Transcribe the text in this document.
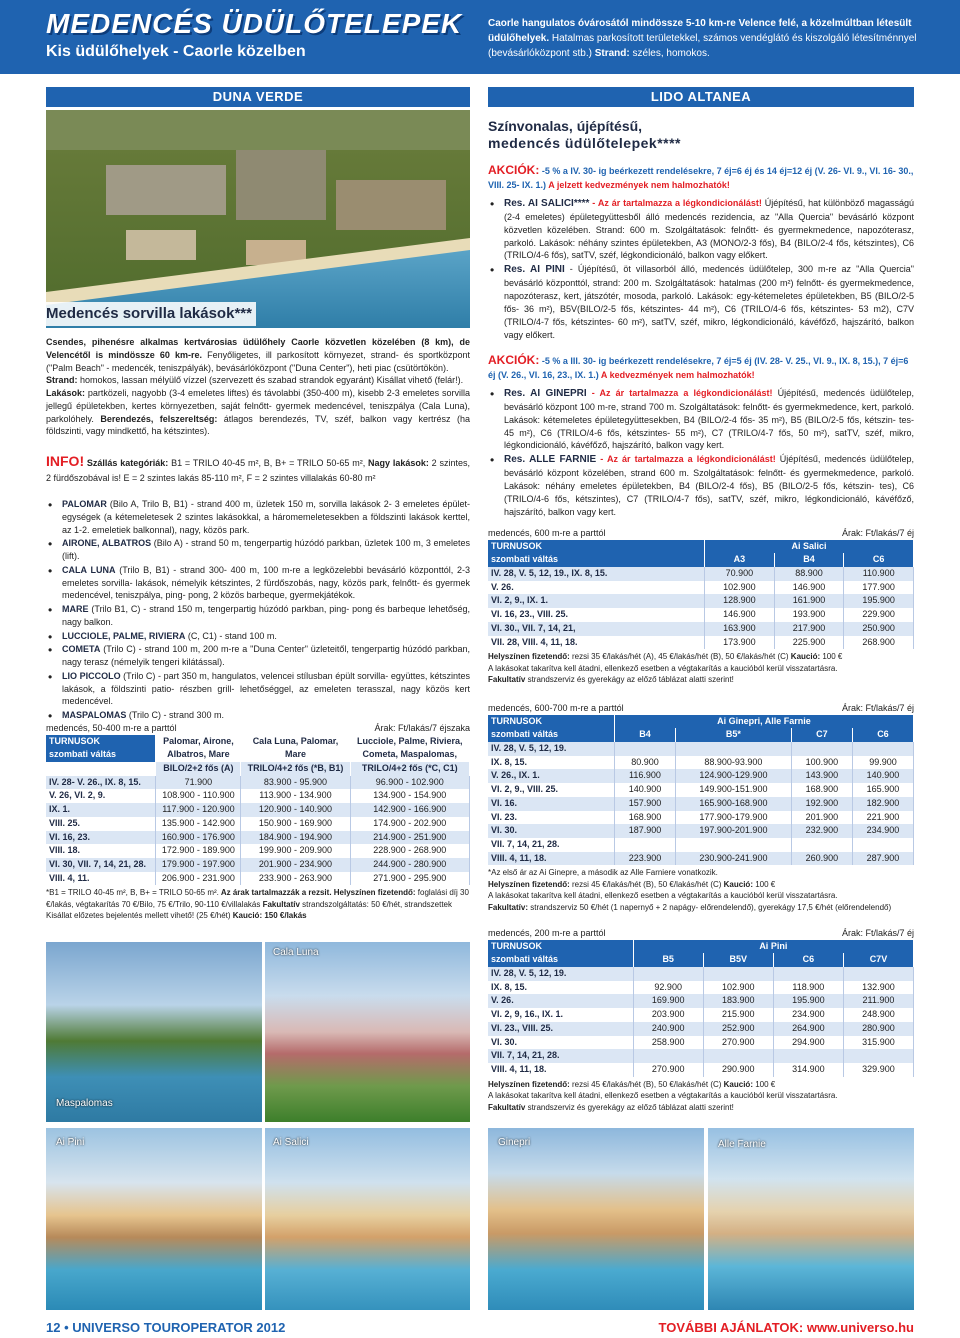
MEDENCÉS ÜDÜLŐTELEPEK
Kis üdülőhelyek - Caorle közelben
Caorle hangulatos óvárosától mindössze 5-10 km-re Velence felé, a közelmúltban létesült üdülőhelyek. Hatalmas parkosított területekkel, számos vendéglátó és kiszolgáló létesítménnyel (bevásárlóközpont stb.) Strand: széles, homokos.
DUNA VERDE
Medencés sorvilla lakások***
Csendes, pihenésre alkalmas kertvárosias üdülőhely Caorle közvetlen közelében (8 km), de Velencétől is mindössze 60 km-re. Fenyőligetes, ill parkosított környezet, strand- és sportközpont ("Palm Beach" - medencék, teniszpályák), bevásárlóközpont ("Duna Center"), heti piac (csütörtökön).
Strand: homokos, lassan mélyülő vízzel (szervezett és szabad strandok egyaránt) Kisállat vihető (felár!).
Lakások: partközeli, nagyobb (3-4 emeletes liftes) és távolabbi (350-400 m), kisebb 2-3 emeletes sorvilla jellegű épületekben, kertes környezetben, saját felnőtt- gyermek medencével, teniszpálya (Cala Luna), parkolóhely. Berendezés, felszereltség: átlagos berendezés, TV, széf, balkon vagy kertrész (ha földszinti, vagy mindkettő, ha kétszintes).
INFO! Szállás kategóriák: B1 = TRILO 40-45 m², B, B+ = TRILO 50-65 m², Nagy lakások: 2 szintes, 2 fürdőszobával is! E = 2 szintes lakás 85-110 m², F = 2 szintes villalakás 60-80 m²
• PALOMAR (Bilo A, Trilo B, B1) - strand 400 m, üzletek 150 m, sorvilla lakások 2- 3 emeletes épület- egységek (a kétemeletesek 2 szintes lakásokkal, a háromemeletesekben a földszinti lakások kerttel, az 1-2. emeletiek balkonnal), nagy, közös park.
• AIRONE, ALBATROS (Bilo A) - strand 50 m, tengerpartig húzódó parkban, üzletek 100 m, 3 emeletes (lift).
• CALA LUNA (Trilo B, B1) - strand 300- 400 m, 100 m-re a legközelebbi bevásárló központtól, 2-3 emeletes sorvilla- lakások, némelyik kétszintes, 2 fürdőszobás, nagy, közös park, felnőtt- és gyermek medencével, teniszpálya, ping- pong, 2 közös barbeque, gyermekjátékok.
• MARE (Trilo B1, C) - strand 150 m, tengerpartig húzódó parkban, ping- pong és barbeque lehetőség, nagy balkon.
• LUCCIOLE, PALME, RIVIERA (C, C1) - stand 100 m.
• COMETA (Trilo C) - strand 100 m, 200 m-re a "Duna Center" üzleteitől, tengerpartig húzódó parkban, nagy terasz (némelyik tengeri kilátással).
• LIO PICCOLO (Trilo C) - part 350 m, hangulatos, velencei stílusban épült sorvilla- együttes, kétszintes lakások, a földszinti patio- részben grill- lehetőséggel, az emeleten terasszal, nagy közös kert medencével.
• MASPALOMAS (Trilo C) - strand 300 m.
medencés, 50-400 m-re a parttól	Árak: Ft/lakás/7 éjszaka
TURNUSOK	Palomar, Airone,	Cala Luna, Palomar,	Lucciole, Palme, Riviera,
szombati váltás	Albatros, Mare	Mare	Cometa, Maspalomas,
	BILO/2+2 fős (A)	TRILO/4+2 fős (*B, B1)	TRILO/4+2 fős (*C, C1)
IV. 28- V. 26., IX. 8, 15.	71.900	83.900 - 95.900	96.900 - 102.900
V. 26, VI. 2, 9.	108.900 - 110.900	113.900 - 134.900	134.900 - 154.900
IX. 1.	117.900 - 120.900	120.900 - 140.900	142.900 - 166.900
VIII. 25.	135.900 - 142.900	150.900 - 169.900	174.900 - 202.900
VI. 16, 23.	160.900 - 176.900	184.900 - 194.900	214.900 - 251.900
VIII. 18.	172.900 - 189.900	199.900 - 209.900	228.900 - 268.900
VI. 30, VII. 7, 14, 21, 28.	179.900 - 197.900	201.900 - 234.900	244.900 - 280.900
VIII. 4, 11.	206.900 - 231.900	233.900 - 263.900	271.900 - 295.900
*B1 = TRILO 40-45 m², B, B+ = TRILO 50-65 m². Az árak tartalmazzák a rezsit. Helyszínen fizetendő: foglalási díj 30 €/lakás, végtakarítás 70 €/Bilo, 75 €/Trilo, 90-110 €/villalakás Fakultatív strandszolgáltatás: 50 €/hét, strandszettek Kisállat előzetes bejelentés mellett vihető! (25 €/hét) Kaució: 150 €/lakás
Maspalomas
Cala Luna
Ai Pini	Ai Salici
LIDO ALTANEA
Színvonalas, újépítésű,
medencés üdülőtelepek****
AKCIÓK: -5 % a IV. 30- ig beérkezett rendelésekre, 7 éj=6 éj és 14 éj=12 éj (V. 26- VI. 9., VI. 16- 30., VIII. 25- IX. 1.) A jelzett kedvezmények nem halmozhatók!
• Res. AI SALICI**** - Az ár tartalmazza a légkondicionálást! Újépítésű, hat különböző magasságú (2-4 emeletes) épületegyüttesből álló medencés rezidencia, az "Alla Quercia" bevásárló központ közvetlen közelében. Strand: 600 m. Szolgáltatások: felnőtt- és gyermekmedence, napozóterasz, parkoló. Lakások: néhány szintes épületekben, A3 (MONO/2-3 fős), B4 (BILO/2-4 fős, kétszintes), C6 (TRILO/4-6 fős), satTV, széf, légkondicionáló, balkon vagy előkert.
• Res. AI PINI - Újépítésű, öt villasorból álló, medencés üdülőtelep, 300 m-re az "Alla Quercia" bevásárló központtól, strand: 200 m. Szolgáltatások: hatalmas (200 m²) felnőtt- és gyermekmedence, napozóterasz, kert, játszótér, mosoda, parkoló. Lakások: egy-kétemeletes épületekben, B5 (BILO/2-5 fős- 36 m²), B5V(BILO/2-5 fős, kétszintes- 44 m²), C6 (TRILO/4-6 fős, kétszintes- 53 m2), C7V (TRILO/4-7 fős, kétszintes- 60 m²), satTV, széf, mikro, légkondicionáló, kávéfőző, hajszárító, balkon vagy előkert.
AKCIÓK: -5 % a III. 30- ig beérkezett rendelésekre, 7 éj=5 éj (IV. 28- V. 25., VI. 9., IX. 8, 15.), 7 éj=6 éj (V. 26., VI. 16, 23., IX. 1.) A kedvezmények nem halmozhatók!
• Res. AI GINEPRI - Az ár tartalmazza a légkondicionálást! Újépítésű, medencés üdülőtelep, bevásárló központ 100 m-re, strand 700 m. Szolgáltatások: felnőtt- és gyermekmedence, kert, parkoló. Lakások: kétemeletes épületegyüttesekben, B4 (BILO/2-4 fős- 35 m²), B5 (BILO/2-5 fős, kétszin- tes- 45 m²), C6 (TRILO/4-6 fős, kétszintes- 55 m²), C7 (TRILO/4-7 fős, 50 m²), satTV, széf, mikro, légkondicionáló, kávéfőző, hajszárító, balkon vagy kert.
• Res. ALLE FARNIE - Az ár tartalmazza a légkondicionálást! Újépítésű, medencés üdülőtelep, bevásárló központ közelében, strand 600 m. Szolgáltatások: felnőtt- és gyermekmedence, parkoló. Lakások: néhány emeletes épületekben, B4 (BILO/2-4 fős), B5 (BILO/2-5 fős, kétszin- tes), C6 (TRILO/4-6 fős, kétszintes), C7 (TRILO/4-7 fős), satTV, széf, mikro, légkondicionáló, kávéfőző, hajszárító, balkon vagy kert.
medencés, 600 m-re a parttól	Árak: Ft/lakás/7 éj
TURNUSOK	Ai Salici		
szombati váltás	A3	B4	C6
IV. 28, V. 5, 12, 19., IX. 8, 15.	70.900	88.900	110.900
V. 26.	102.900	146.900	177.900
VI. 2, 9., IX. 1.	128.900	161.900	195.900
VI. 16, 23., VIII. 25.	146.900	193.900	229.900
VI. 30., VII. 7, 14, 21,	163.900	217.900	250.900
VII. 28, VIII. 4, 11, 18.	173.900	225.900	268.900
Helyszínen fizetendő: rezsi 35 €/lakás/hét (A), 45 €/lakás/hét (B), 50 €/lakás/hét (C) Kaució: 100 €
A lakásokat takarítva kell átadni, ellenkező esetben a végtakarítás a kaucióból kerül visszatartásra.
Fakultatív strandszerviz és gyerekágy az előző táblázat alatti szerint!
medencés, 600-700 m-re a parttól	Árak: Ft/lakás/7 éj
TURNUSOK	Ai Ginepri, Alle Farnie			
szombati váltás	B4	B5*	C7	C6
IV. 28, V. 5, 12, 19.				
IX. 8, 15.	80.900	88.900-93.900	100.900	99.900
V. 26., IX. 1.	116.900	124.900-129.900	143.900	140.900
VI. 2, 9., VIII. 25.	140.900	149.900-151.900	168.900	165.900
VI. 16.	157.900	165.900-168.900	192.900	182.900
VI. 23.	168.900	177.900-179.900	201.900	221.900
VI. 30.	187.900	197.900-201.900	232.900	234.900
VII. 7, 14, 21, 28.				
VIII. 4, 11, 18.	223.900	230.900-241.900	260.900	287.900
*Az első ár az Ai Ginepre, a második az Alle Farniere vonatkozik.
Helyszínen fizetendő: rezsi 45 €/lakás/hét (B), 50 €/lakás/hét (C) Kaució: 100 €
A lakásokat takarítva kell átadni, ellenkező esetben a végtakarítás a kaucióból kerül visszatartásra.
Fakultatív: strandszerviz 50 €/hét (1 napernyő + 2 napágy- előrendelendő), gyerekágy 17,5 €/hét (előrendelendő)
medencés, 200 m-re a parttól	Árak: Ft/lakás/7 éj
TURNUSOK	Ai Pini			
szombati váltás	B5	B5V	C6	C7V
IV. 28, V. 5, 12, 19.				
IX. 8, 15.	92.900	102.900	118.900	132.900
V. 26.	169.900	183.900	195.900	211.900
VI. 2, 9, 16., IX. 1.	203.900	215.900	234.900	248.900
VI. 23., VIII. 25.	240.900	252.900	264.900	280.900
VI. 30.	258.900	270.900	294.900	315.900
VII. 7, 14, 21, 28.				
VIII. 4, 11, 18.	270.900	290.900	314.900	329.900
Helyszínen fizetendő: rezsi 45 €/lakás/hét (B), 50 €/lakás/hét (C) Kaució: 100 €
A lakásokat takarítva kell átadni, ellenkező esetben a végtakarítás a kaucióból kerül visszatartásra.
Fakultatív strandszerviz és gyerekágy az előző táblázat alatti szerint!
Ginepri	Alle Farnie
12 • UNIVERSO TOUROPERATOR 2012	TOVÁBBI AJÁNLATOK: www.universo.hu
